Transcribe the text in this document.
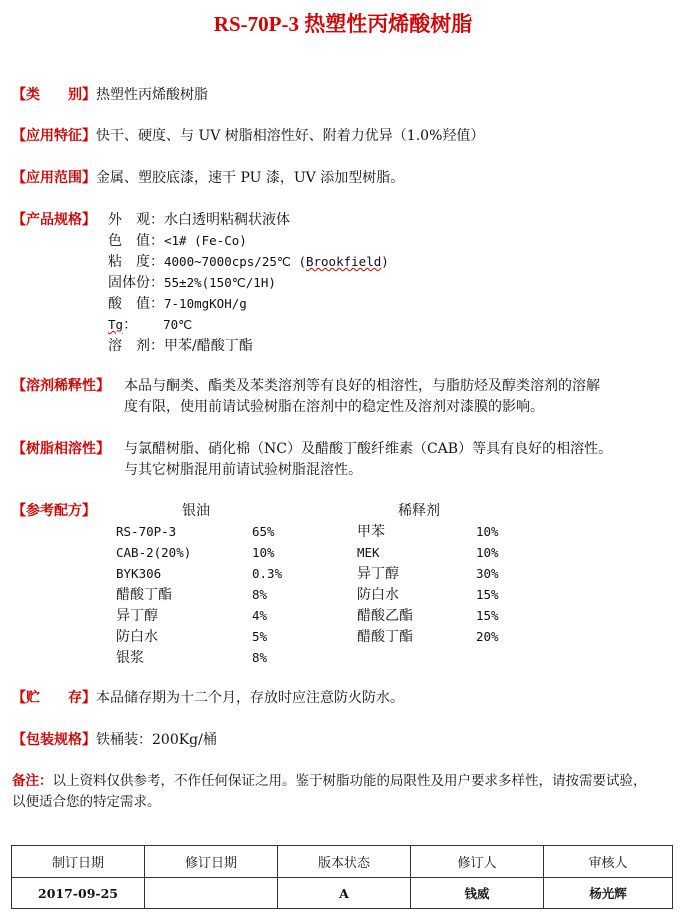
RS-70P-3 热塑性丙烯酸树脂
【类　　别】热塑性丙烯酸树脂
【应用特征】快干、硬度、与 UV 树脂相溶性好、附着力优异（1.0%羟值）
【应用范围】金属、塑胶底漆，速干 PU 漆，UV 添加型树脂。
【产品规格】 外　观：水白透明粘稠状液体
色　值：<1# (Fe-Co)
粘　度：4000~7000cps/25℃ (Brookfield)
固体份：55±2%(150℃/1H)
酸　值：7-10mgKOH/g
Tg： 70℃
溶　剂：甲苯/醋酸丁酯
【溶剂稀释性】 本品与酮类、酯类及苯类溶剂等有良好的相溶性，与脂肪烃及醇类溶剂的溶解
度有限，使用前请试验树脂在溶剂中的稳定性及溶剂对漆膜的影响。
【树脂相溶性】 与氯醋树脂、硝化棉（NC）及醋酸丁酸纤维素（CAB）等具有良好的相溶性。
与其它树脂混用前请试验树脂混溶性。
【参考配方】	银油	稀释剂
RS-70P-3	65%
CAB-2(20%)	10%
BYK306	0.3%
醋酸丁酯	8%
异丁醇	4%
防白水	5%
银浆	8%
甲苯	10%
MEK	10%
异丁醇	30%
防白水	15%
醋酸乙酯	15%
醋酸丁酯	20%
【贮　　存】本品储存期为十二个月，存放时应注意防火防水。
【包装规格】铁桶装：200Kg/桶
备注：以上资料仅供参考，不作任何保证之用。鉴于树脂功能的局限性及用户要求多样性，请按需要试验，
以便适合您的特定需求。
制订日期	修订日期	版本状态	修订人	审核人
2017-09-25		A	钱威	杨光辉
